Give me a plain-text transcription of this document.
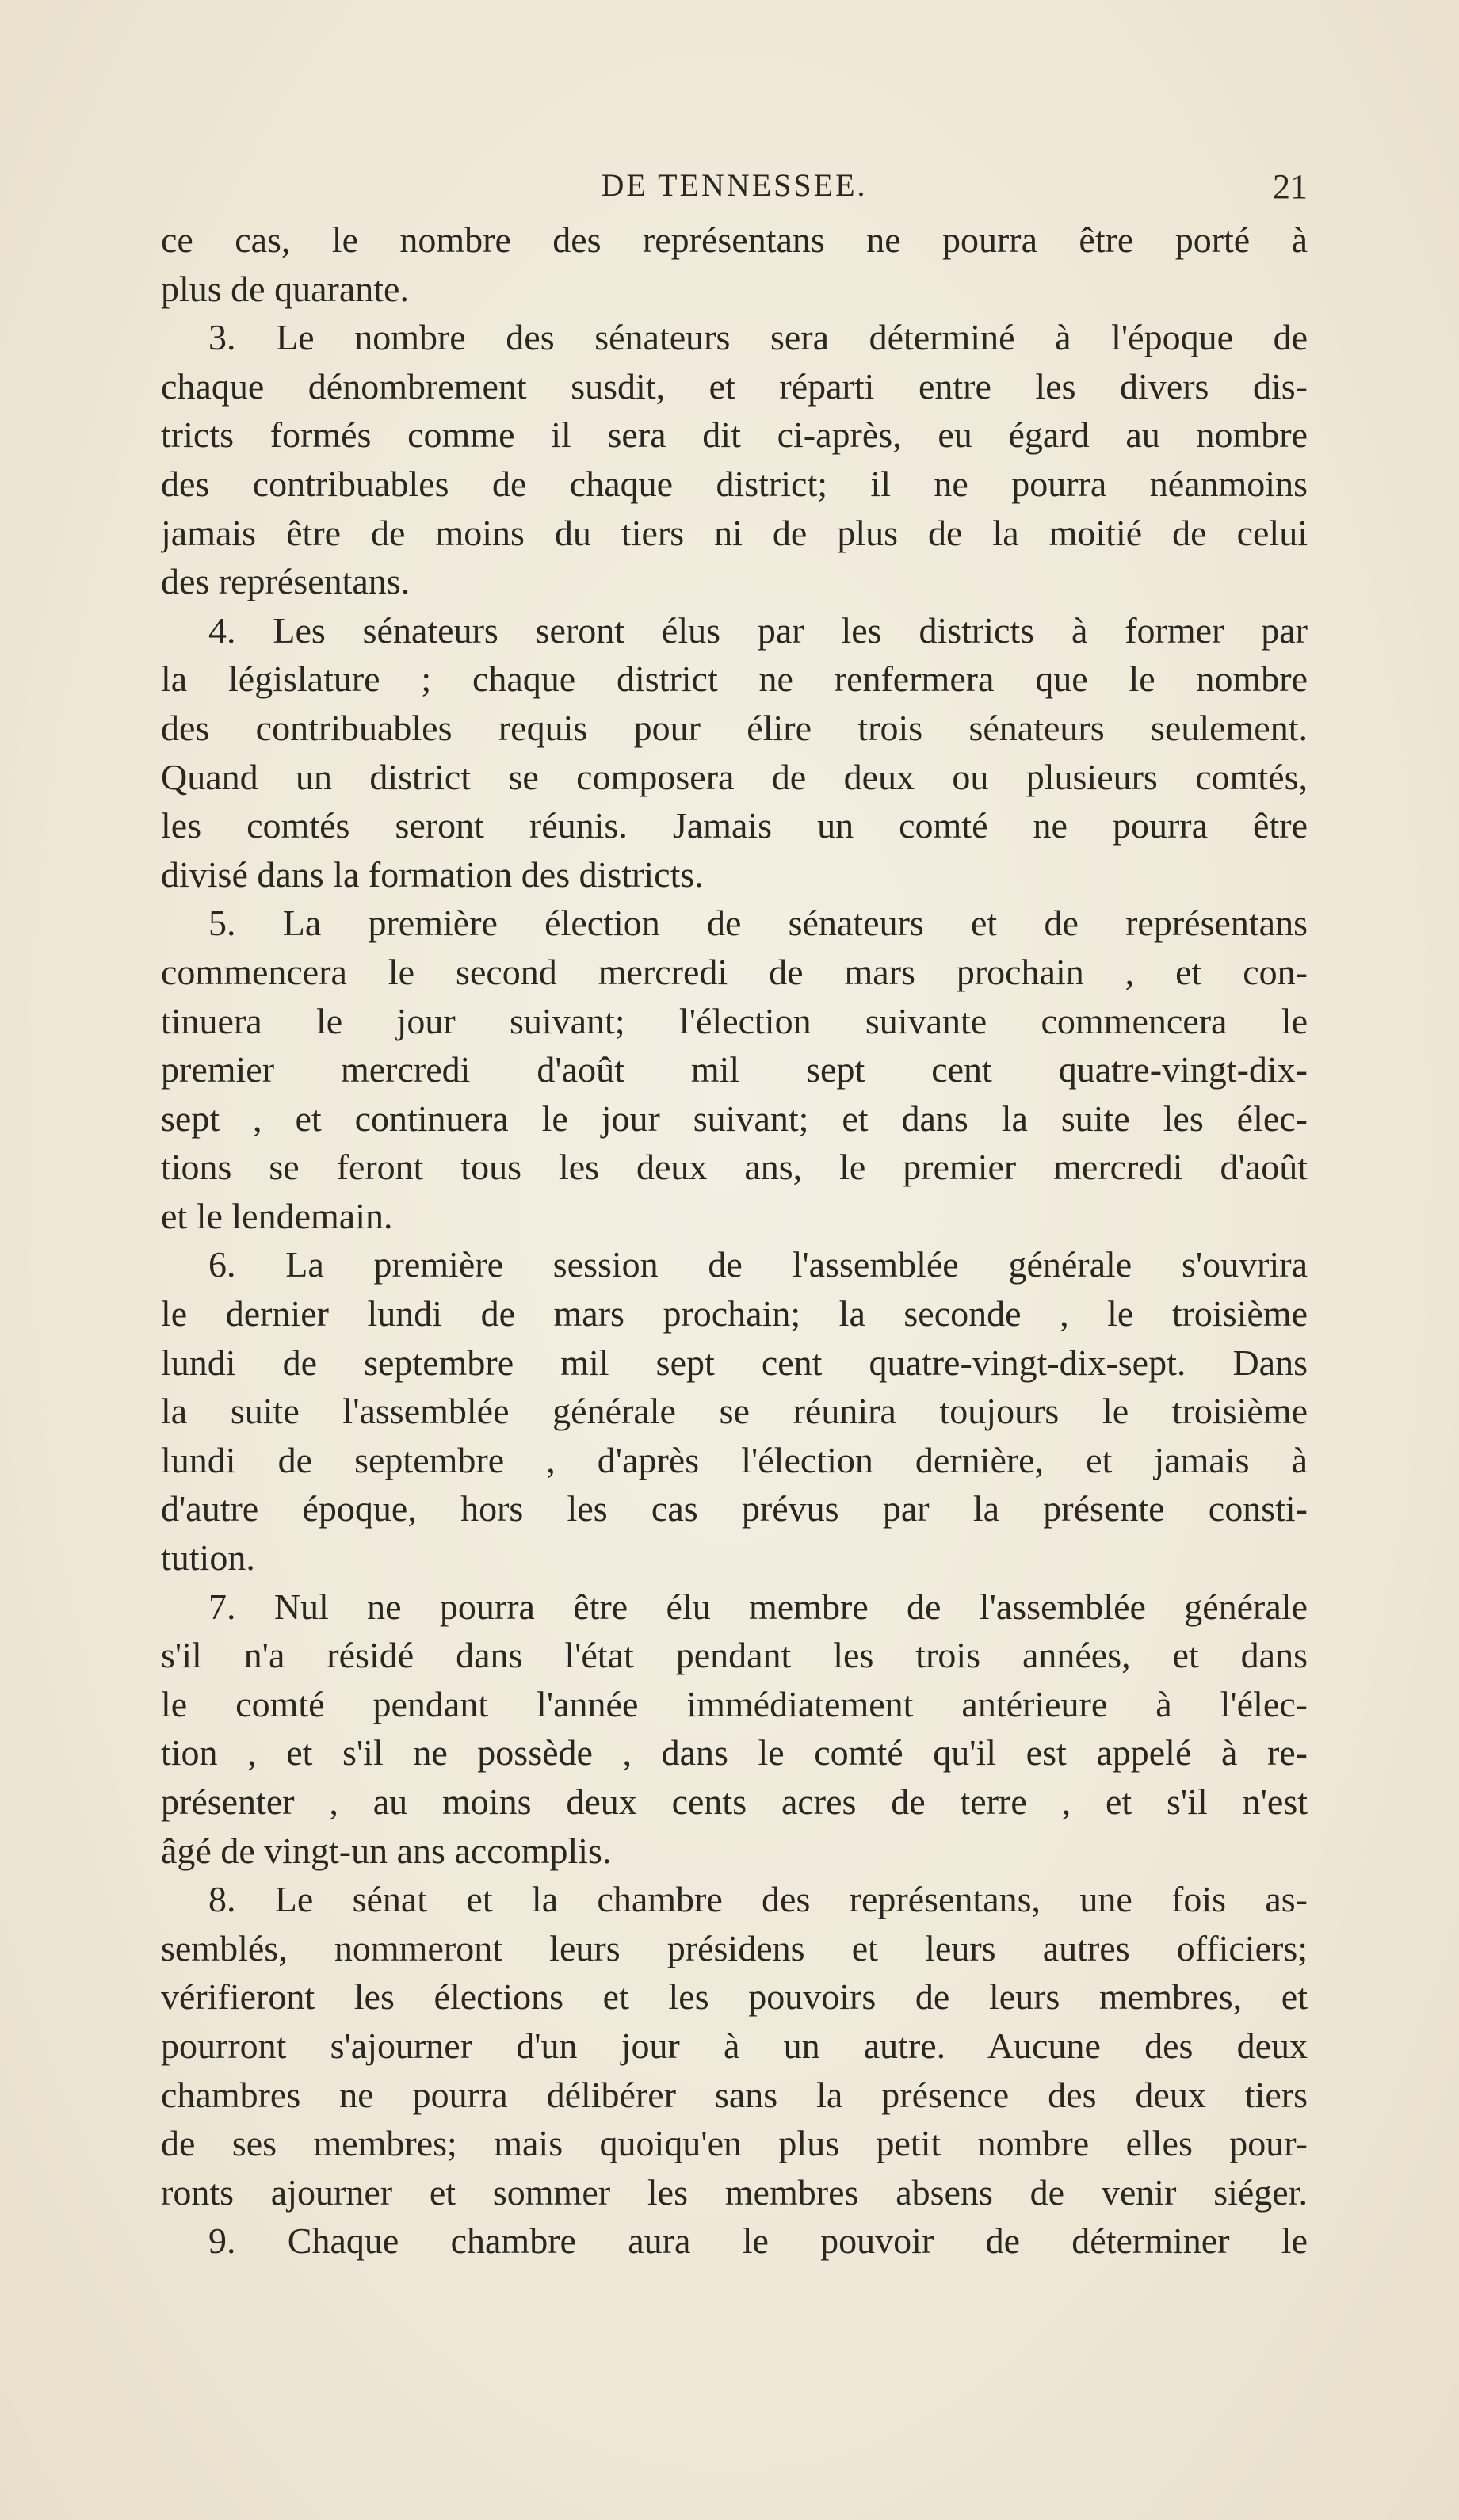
DE TENNESSEE.	21
ce cas, le nombre des représentans ne pourra être porté à
plus de quarante.
3. Le nombre des sénateurs sera déterminé à l'époque de
chaque dénombrement susdit, et réparti entre les divers dis-
tricts formés comme il sera dit ci-après, eu égard au nombre
des contribuables de chaque district; il ne pourra néanmoins
jamais être de moins du tiers ni de plus de la moitié de celui
des représentans.
4. Les sénateurs seront élus par les districts à former par
la législature ; chaque district ne renfermera que le nombre
des contribuables requis pour élire trois sénateurs seulement.
Quand un district se composera de deux ou plusieurs comtés,
les comtés seront réunis. Jamais un comté ne pourra être
divisé dans la formation des districts.
5. La première élection de sénateurs et de représentans
commencera le second mercredi de mars prochain , et con-
tinuera le jour suivant; l'élection suivante commencera le
premier mercredi d'août mil sept cent quatre-vingt-dix-
sept , et continuera le jour suivant; et dans la suite les élec-
tions se feront tous les deux ans, le premier mercredi d'août
et le lendemain.
6. La première session de l'assemblée générale s'ouvrira
le dernier lundi de mars prochain; la seconde , le troisième
lundi de septembre mil sept cent quatre-vingt-dix-sept. Dans
la suite l'assemblée générale se réunira toujours le troisième
lundi de septembre , d'après l'élection dernière, et jamais à
d'autre époque, hors les cas prévus par la présente consti-
tution.
7. Nul ne pourra être élu membre de l'assemblée générale
s'il n'a résidé dans l'état pendant les trois années, et dans
le comté pendant l'année immédiatement antérieure à l'élec-
tion , et s'il ne possède , dans le comté qu'il est appelé à re-
présenter , au moins deux cents acres de terre , et s'il n'est
âgé de vingt-un ans accomplis.
8. Le sénat et la chambre des représentans, une fois as-
semblés, nommeront leurs présidens et leurs autres officiers;
vérifieront les élections et les pouvoirs de leurs membres, et
pourront s'ajourner d'un jour à un autre. Aucune des deux
chambres ne pourra délibérer sans la présence des deux tiers
de ses membres; mais quoiqu'en plus petit nombre elles pour-
ronts ajourner et sommer les membres absens de venir siéger.
9. Chaque chambre aura le pouvoir de déterminer le
